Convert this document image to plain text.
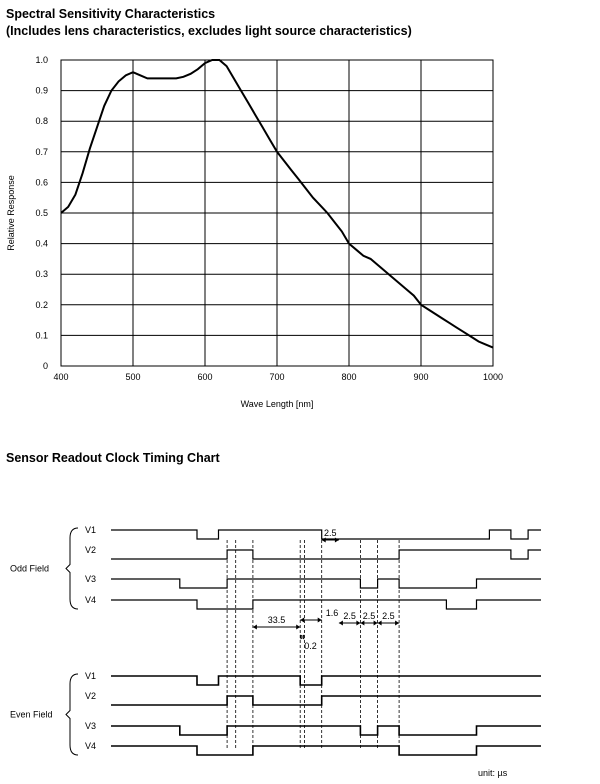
Spectral Sensitivity Characteristics
(Includes lens characteristics, excludes light source characteristics)
400	500	600	700	800	900	1000
0
0.1
0.2
0.3
0.4
0.5
0.6
0.7
0.8
0.9
1.0
Wave Length [nm]
Relative Response
Sensor Readout Clock Timing Chart
V1
V2
V3
V4
Odd Field
V1
V2
V3
V4
Even Field
2.5
33.5
1.6
0.2
2.5 2.5 2.5
unit: µs
